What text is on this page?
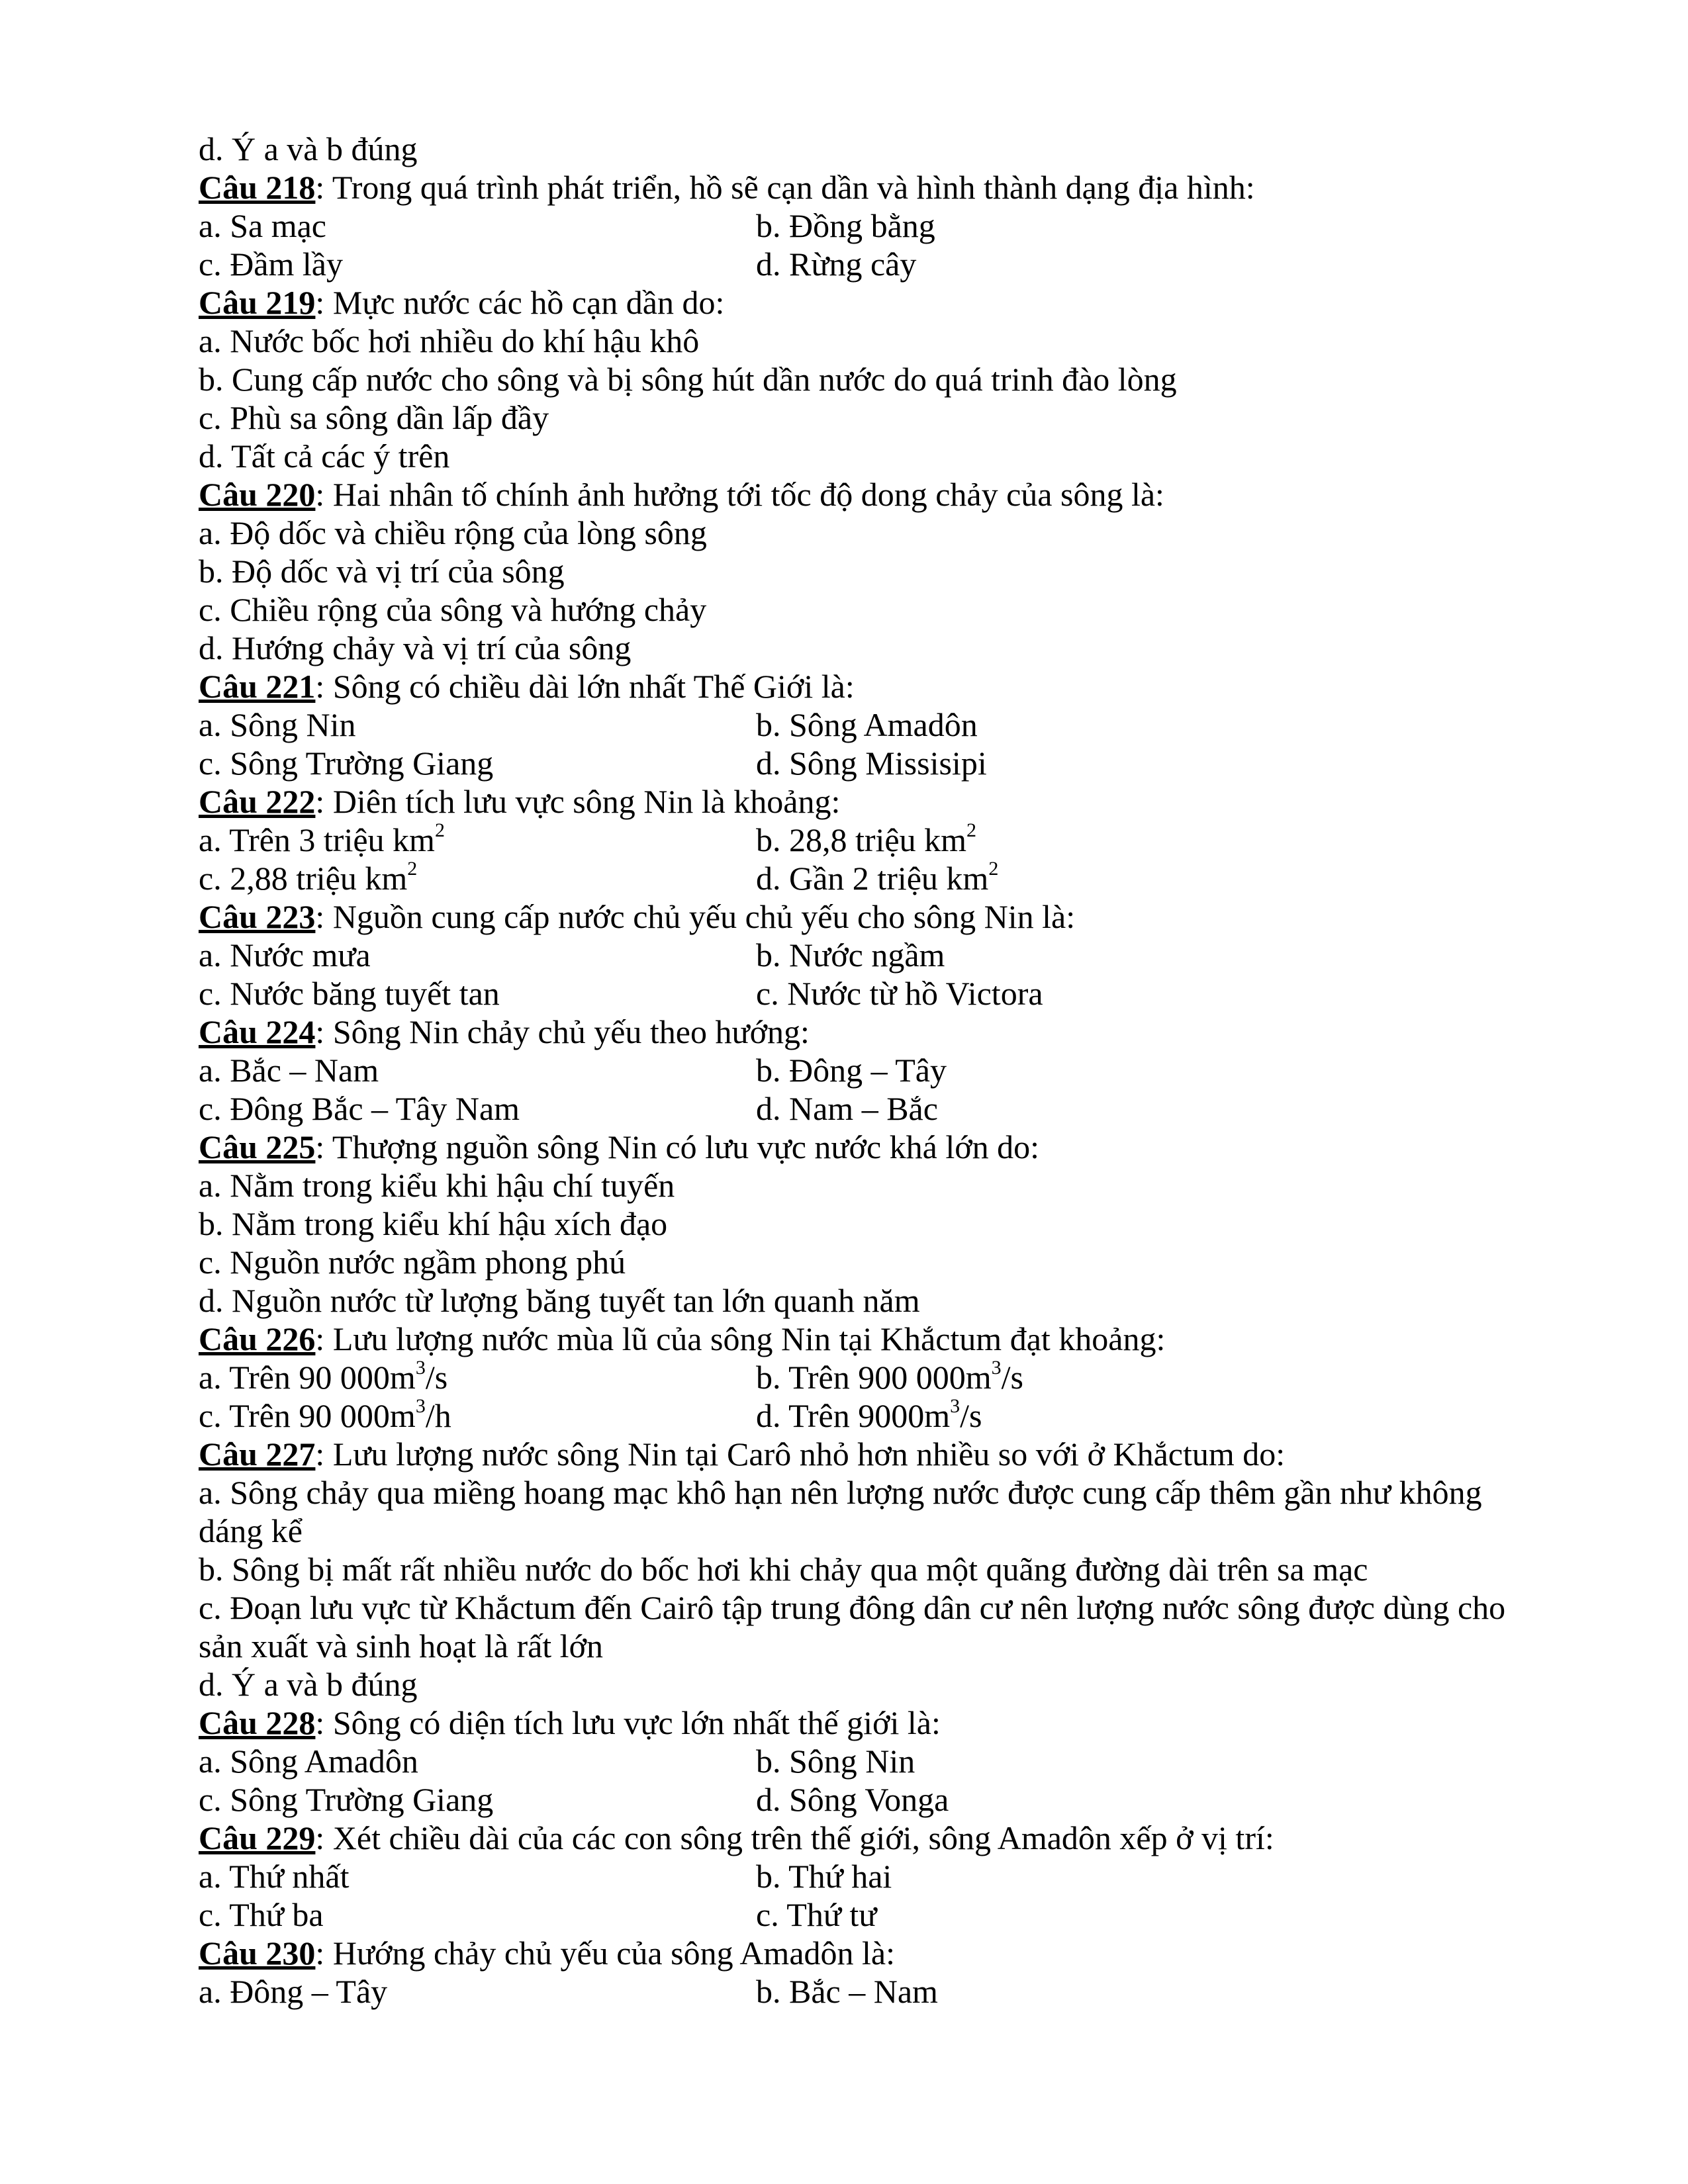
d. Ý a và b đúng
Câu 218: Trong quá trình phát triển, hồ sẽ cạn dần và hình thành dạng địa hình:
a. Sa mạc	b. Đồng bằng
c. Đầm lầy	d. Rừng cây
Câu 219: Mực nước các hồ cạn dần do:
a. Nước bốc hơi nhiều do khí hậu khô
b. Cung cấp nước cho sông và bị sông hút dần nước do quá trinh đào lòng
c. Phù sa sông dần lấp đầy
d. Tất cả các ý trên
Câu 220: Hai nhân tố chính ảnh hưởng tới tốc độ dong chảy của sông là:
a. Độ dốc và chiều rộng của lòng sông
b. Độ dốc và vị trí của sông
c. Chiều rộng của sông và hướng chảy
d. Hướng chảy và vị trí của sông
Câu 221: Sông có chiều dài lớn nhất Thế Giới là:
a. Sông Nin	b. Sông Amadôn
c. Sông Trường Giang	d. Sông Missisipi
Câu 222: Diên tích lưu vực sông Nin là khoảng:
a. Trên 3 triệu $km^2$	b. 28,8 triệu $km^2$
c. 2,88 triệu $km^2$	d. Gần 2 triệu $km^2$
Câu 223: Nguồn cung cấp nước chủ yếu chủ yếu cho sông Nin là:
a. Nước mưa	b. Nước ngầm
c. Nước băng tuyết tan	c. Nước từ hồ Victora
Câu 224: Sông Nin chảy chủ yếu theo hướng:
a. Bắc – Nam	b. Đông – Tây
c. Đông Bắc – Tây Nam	d. Nam – Bắc
Câu 225: Thượng nguồn sông Nin có lưu vực nước khá lớn do:
a. Nằm trong kiểu khi hậu chí tuyến
b. Nằm trong kiểu khí hậu xích đạo
c. Nguồn nước ngầm phong phú
d. Nguồn nước từ lượng băng tuyết tan lớn quanh năm
Câu 226: Lưu lượng nước mùa lũ của sông Nin tại Khắctum đạt khoảng:
a. Trên 90 $000m^3/s$	b. Trên 900 $000m^3/s$
c. Trên 90 $000m^3/h$	d. Trên $9000m^3/s$
Câu 227: Lưu lượng nước sông Nin tại Carô nhỏ hơn nhiều so với ở Khắctum do:
a. Sông chảy qua miềng hoang mạc khô hạn nên lượng nước được cung cấp thêm gần như không dáng kể
b. Sông bị mất rất nhiều nước do bốc hơi khi chảy qua một quãng đường dài trên sa mạc
c. Đoạn lưu vực từ Khắctum đến Cairô tập trung đông dân cư nên lượng nước sông được dùng cho sản xuất và sinh hoạt là rất lớn
d. Ý a và b đúng
Câu 228: Sông có diện tích lưu vực lớn nhất thế giới là:
a. Sông Amadôn	b. Sông Nin
c. Sông Trường Giang	d. Sông Vonga
Câu 229: Xét chiều dài của các con sông trên thế giới, sông Amadôn xếp ở vị trí:
a. Thứ nhất	b. Thứ hai
c. Thứ ba	c. Thứ tư
Câu 230: Hướng chảy chủ yếu của sông Amadôn là:
a. Đông – Tây	b. Bắc – Nam
